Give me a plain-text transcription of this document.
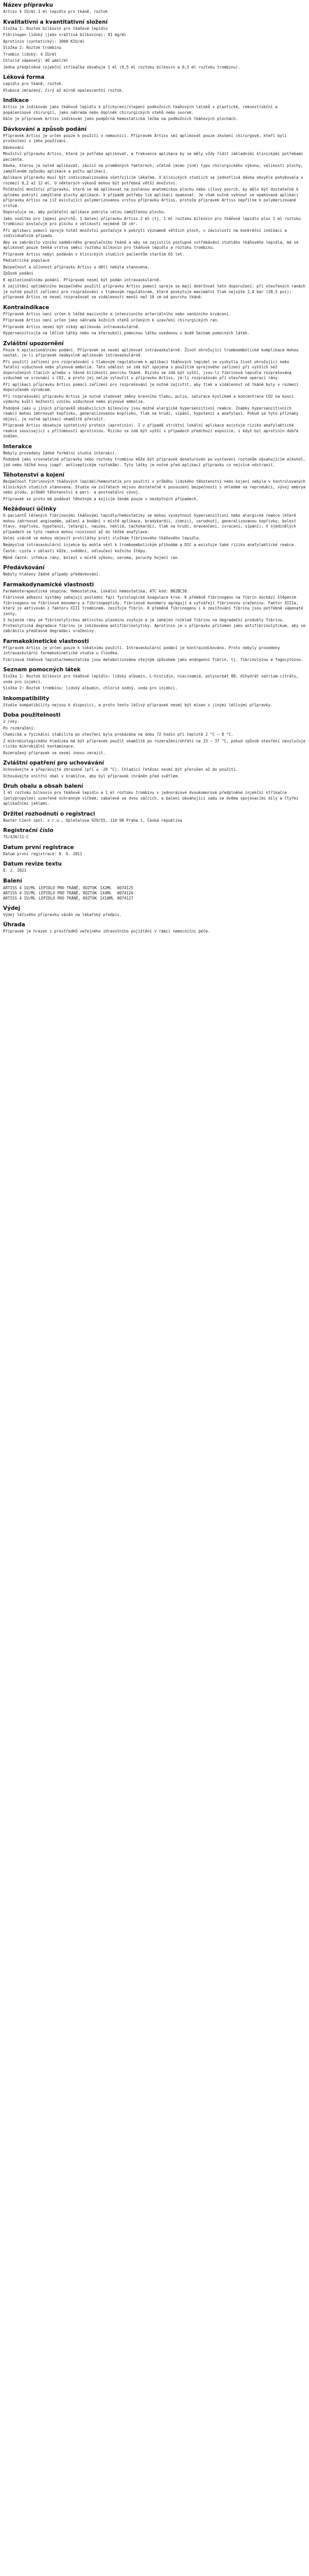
Název přípravku
Artiss 4 IU/ml 1 ml lepidlo pro tkáně, roztok
Kvalitativní a kvantitativní složení
Složka 1: Roztok bílkovin pro tkáňové lepidlo
Fibrinogen lidský (jako srážlivá bílkovina): 91 mg/ml
Aprotinin (syntetický): 3000 KIU/ml
Složka 2: Roztok trombinu
Trombin lidský: 4 IU/ml
Chlorid vápenatý: 40 µmol/ml
Jedna předplněná injekční stříkačka obsahuje 1 ml (0,5 ml roztoku bílkovin a 0,5 ml roztoku trombinu).
Léková forma
Lepidlo pro tkáně, roztok.
Hluboce zmrazený, čirý až mírně opalescentní roztok.
Indikace
Artiss je indikován jako tkáňové lepidlo k přichycení/slepení podkožních tkáňových laloků v plastické, rekonstrukční a popáleninové chirurgii, jako náhrada nebo doplněk chirurgických stehů nebo svorek.
Dále je přípravek Artiss indikován jako podpůrná hemostatická léčba na podkožních tkáňových plochách.
Dávkování a způsob podání
Přípravek Artiss je určen pouze k použití v nemocnici. Přípravek Artiss smí aplikovat pouze zkušení chirurgové, kteří byli proškoleni v jeho používání.
Dávkování
Množství přípravku Artiss, které je potřeba aplikovat, a frekvence aplikace by se měly vždy řídit základními klinickými potřebami pacienta.
Dávka, kterou je nutné aplikovat, závisí na proměnných faktorech, včetně (mimo jiné) typu chirurgického výkonu, velikosti plochy, zamýšleném způsobu aplikace a počtu aplikací.
Aplikace přípravku musí být individualizována ošetřujícím lékařem. V klinických studiích se jednotlivá dávka obvykle pohybovala v rozmezí 0,2 až 12 ml. U některých výkonů mohou být potřebná větší množství.
Počáteční množství přípravku, které se má aplikovat na zvolenou anatomickou plochu nebo cílový povrch, by mělo být dostatečné k úplnému pokrytí zamýšlené plochy aplikace. V případě potřeby lze aplikaci opakovat. Je však nutné vyhnout se opakované aplikaci přípravku Artiss na již existující polymerizovanou vrstvu přípravku Artiss, protože přípravek Artiss nepřilne k polymerizované vrstvě.
Doporučuje se, aby počáteční aplikace pokryla celou zamýšlenou plochu.
Jako vodítko pro lepení povrchů: 1 balení přípravku Artiss 2 ml (tj. 1 ml roztoku bílkovin pro tkáňové lepidlo plus 1 ml roztoku trombinu) postačuje pro plochu o velikosti nejméně 10 cm².
Při aplikaci pomocí spreje totéž množství postačuje k pokrytí významně větších ploch, v závislosti na konkrétní indikaci a individuálním případu.
Aby se zabránilo vzniku nadměrného granulačního tkáně a aby se zajistilo postupné vstřebávání ztuhlého tkáňového lepidla, má se aplikovat pouze tenká vrstva směsi roztoku bílkovin pro tkáňové lepidlo a roztoku trombinu.
Přípravek Artiss nebyl podáván v klinických studiích pacientům starším 65 let.
Pediatrická populace
Bezpečnost a účinnost přípravku Artiss u dětí nebyla stanovena.
Způsob podání
K epilezionálnímu podání. Přípravek nesmí být podán intravaskulárně.
K zajištění optimálního bezpečného použití přípravku Artiss pomocí spreje se mají dodržovat tato doporučení: při otevřených ranách je nutné použít zařízení pro rozprašování s tlakovým regulátorem, které poskytuje maximální tlak nejvýše 2,0 bar (28,5 psi); přípravek Artiss se nesmí rozprašovat ve vzdálenosti menší než 10 cm od povrchu tkáně.
Kontraindikace
Přípravek Artiss není určen k léčbě masivního a intenzivního arteriálního nebo venózního krvácení.
Přípravek Artiss není určen jako náhrada kožních stehů určených k uzavření chirurgických ran.
Přípravek Artiss nesmí být nikdy aplikován intravaskulárně.
Hypersenzitivita na léčivé látky nebo na kteroukoli pomocnou látku uvedenou v bodě Seznam pomocných látek.
Zvláštní upozornění
Pouze k epilezionálnímu podání. Přípravek se nesmí aplikovat intravaskulárně. Život ohrožující tromboembolické komplikace mohou nastat, je-li přípravek neúmyslně aplikován intravaskulárně.
Při použití zařízení pro rozprašování s tlakovým regulátorem k aplikaci tkáňových lepidel se vyskytla život ohrožující nebo fatální vzduchová nebo plynová embolie. Tato událost se zdá být spojena s použitím sprejového zařízení při vyšších než doporučených tlacích a/nebo v těsné blízkosti povrchu tkáně. Riziko se zdá být vyšší, jsou-li fibrinová lepidla rozprašována vzduchem ve srovnání s CO2, a proto jej nelze vyloučit u přípravku Artiss, je-li rozprašován při otevřené operaci rány.
Při aplikaci přípravku Artiss pomocí zařízení pro rozprašování je nutné zajistit, aby tlak a vzdálenost od tkáně byly v rozmezí doporučeném výrobcem.
Při rozprašování přípravku Artiss je nutné sledovat změny krevního tlaku, pulzu, saturace kyslíkem a koncentrace CO2 na konci výdechu kvůli možnosti vzniku vzduchové nebo plynové embolie.
Podobně jako u jiných přípravků obsahujících bílkoviny jsou možné alergické hypersenzitivní reakce. Známky hypersenzitivních reakcí mohou zahrnovat kopřivku, generalizovanou kopřivku, tlak na hrudi, sípání, hypotenzi a anafylaxi. Pokud se tyto příznaky objeví, je nutné aplikaci okamžitě přerušit.
Přípravek Artiss obsahuje syntetický protein (aprotinin). I v případě striktní lokální aplikace existuje riziko anafylaktické reakce související s přítomností aprotininu. Riziko se zdá být vyšší v případech předchozí expozice, i když byl aprotinin dobře snášen.
Interakce
Nebyly provedeny žádné formální studie interakcí.
Podobně jako srovnatelné přípravky nebo roztoky trombinu může být přípravek denaturován po vystavení roztokům obsahujícím alkohol, jód nebo těžké kovy (např. antiseptickým roztokům). Tyto látky je nutné před aplikací přípravku co nejvíce odstranit.
Těhotenství a kojení
Bezpečnost fibrinových tkáňových lepidel/hemostatik pro použití v průběhu lidského těhotenství nebo kojení nebyla v kontrolovaných klinických studiích stanovena. Studie na zvířatech nejsou dostatečné k posouzení bezpečnosti s ohledem na reprodukci, vývoj embrya nebo plodu, průběh těhotenství a peri- a postnatální vývoj.
Přípravek se proto má podávat těhotným a kojícím ženám pouze v nezbytných případech.
Nežádoucí účinky
U pacientů léčených fibrinovými tkáňovými lepidly/hemostatiky se mohou vyskytnout hypersenzitivní nebo alergické reakce (které mohou zahrnovat angioedém, pálení a bodání v místě aplikace, bradykardii, zimnici, zarudnutí, generalizovanou kopřivku, bolest hlavy, kopřivku, hypotenzi, letargii, nauzeu, neklid, tachykardii, tlak na hrudi, mravenčení, zvracení, sípání). V ojedinělých případech se tyto reakce mohou rozvinout až do těžké anafylaxe.
Velmi vzácně se mohou objevit protilátky proti složkám fibrinového tkáňového lepidla.
Neúmyslná intravaskulární injekce by mohla vést k tromboembolickým příhodám a DIC a existuje také riziko anafylaktické reakce.
Časté: cysta v oblasti kůže, svědění, odloučení kožního štěpu.
Méně časté: infekce rány, bolest v místě výkonu, seroma, poruchy hojení ran.
Předávkování
Nebyly hlášeny žádné případy předávkování.
Farmakodynamické vlastnosti
Farmakoterapeutická skupina: Hemostatika, Lokální hemostatika, ATC kód: B02BC30.
Fibrinové adhezní systémy zahajují poslední fázi fyziologické koagulace krve. K přeměně fibrinogenu na fibrin dochází štěpením fibrinogenu na fibrinové monomery a fibrinopeptidy. Fibrinové monomery agregují a vytvářejí fibrinovou sraženinu. Faktor XIIIa, který je aktivován z faktoru XIII trombinem, zesíťuje fibrin. K přeměně fibrinogenu i k zesíťování fibrinu jsou potřebné vápenaté ionty.
S hojením rány se fibrinolytickou aktivitou plasminu zvyšuje a je zahájen rozklad fibrinu na degradační produkty fibrinu. Proteolytická degradace fibrinu je inhibována antifibrinolytiky. Aprotinin je v přípravku přítomen jako antifibrinolytikum, aby se zabránilo předčasné degradaci sraženiny.
Farmakokinetické vlastnosti
Přípravek Artiss je určen pouze k lokálnímu použití. Intravaskulární podání je kontraindikováno. Proto nebyly provedeny intravaskulární farmakokinetické studie u člověka.
Fibrinová tkáňová lepidla/hemostatika jsou metabolizována stejným způsobem jako endogenní fibrin, tj. fibrinolýzou a fagocytózou.
Seznam pomocných látek
Složka 1: Roztok bílkovin pro tkáňové lepidlo: lidský albumin, L-histidin, niacinamid, polysorbát 80, dihydrát natrium-citrátu, voda pro injekci.
Složka 2: Roztok trombinu: lidský albumin, chlorid sodný, voda pro injekci.
Inkompatibility
Studie kompatibility nejsou k dispozici, a proto tento léčivý přípravek nesmí být mísen s jinými léčivými přípravky.
Doba použitelnosti
2 roky.
Po rozmražení:
Chemická a fyzikální stabilita po otevření byla prokázána na dobu 72 hodin při teplotě 2 °C – 8 °C.
Z mikrobiologického hlediska má být přípravek použit okamžitě po rozmražení/ohřátí na 33 – 37 °C, pokud způsob otevření nevylučuje riziko mikrobiální kontaminace.
Rozmražený přípravek se nesmí znovu zmrazit.
Zvláštní opatření pro uchovávání
Uchovávejte a přepravujte zmrazené (při ≤ -20 °C). Chladicí řetězec nesmí být přerušen až do použití.
Uchovávejte vnitřní obal v krabičce, aby byl přípravek chráněn před světlem.
Druh obalu a obsah balení
1 ml roztoku bílkovin pro tkáňové lepidlo a 1 ml roztoku trombinu v jednorázové dvoukomorové předplněné injekční stříkačce (polypropylen) uzavřené ochranným víčkem, zabalené ve dvou sáčcích, a balení obsahující sadu se dvěma spojovacími díly a čtyřmi aplikačními jehlami.
Držitel rozhodnutí o registraci
Baxter Czech spol. s r.o., Opletalova 929/55, 110 00 Praha 1, Česká republika
Registrační číslo
75/430/11-C
Datum první registrace
Datum první registrace: 8. 6. 2011
Datum revize textu
8. 2. 2023
Balení
ARTISS 4 IU/ML	LEPIDLO PRO TKÁNĚ, ROZTOK	1X2ML	0074125
ARTISS 4 IU/ML	LEPIDLO PRO TKÁNĚ, ROZTOK	1X4ML	0074126
ARTISS 4 IU/ML	LEPIDLO PRO TKÁNĚ, ROZTOK	1X10ML	0074127
Výdej
Výdej léčivého přípravku vázán na lékařský předpis.
Úhrada
Přípravek je hrazen z prostředků veřejného zdravotního pojištění v rámci nemocniční péče.
